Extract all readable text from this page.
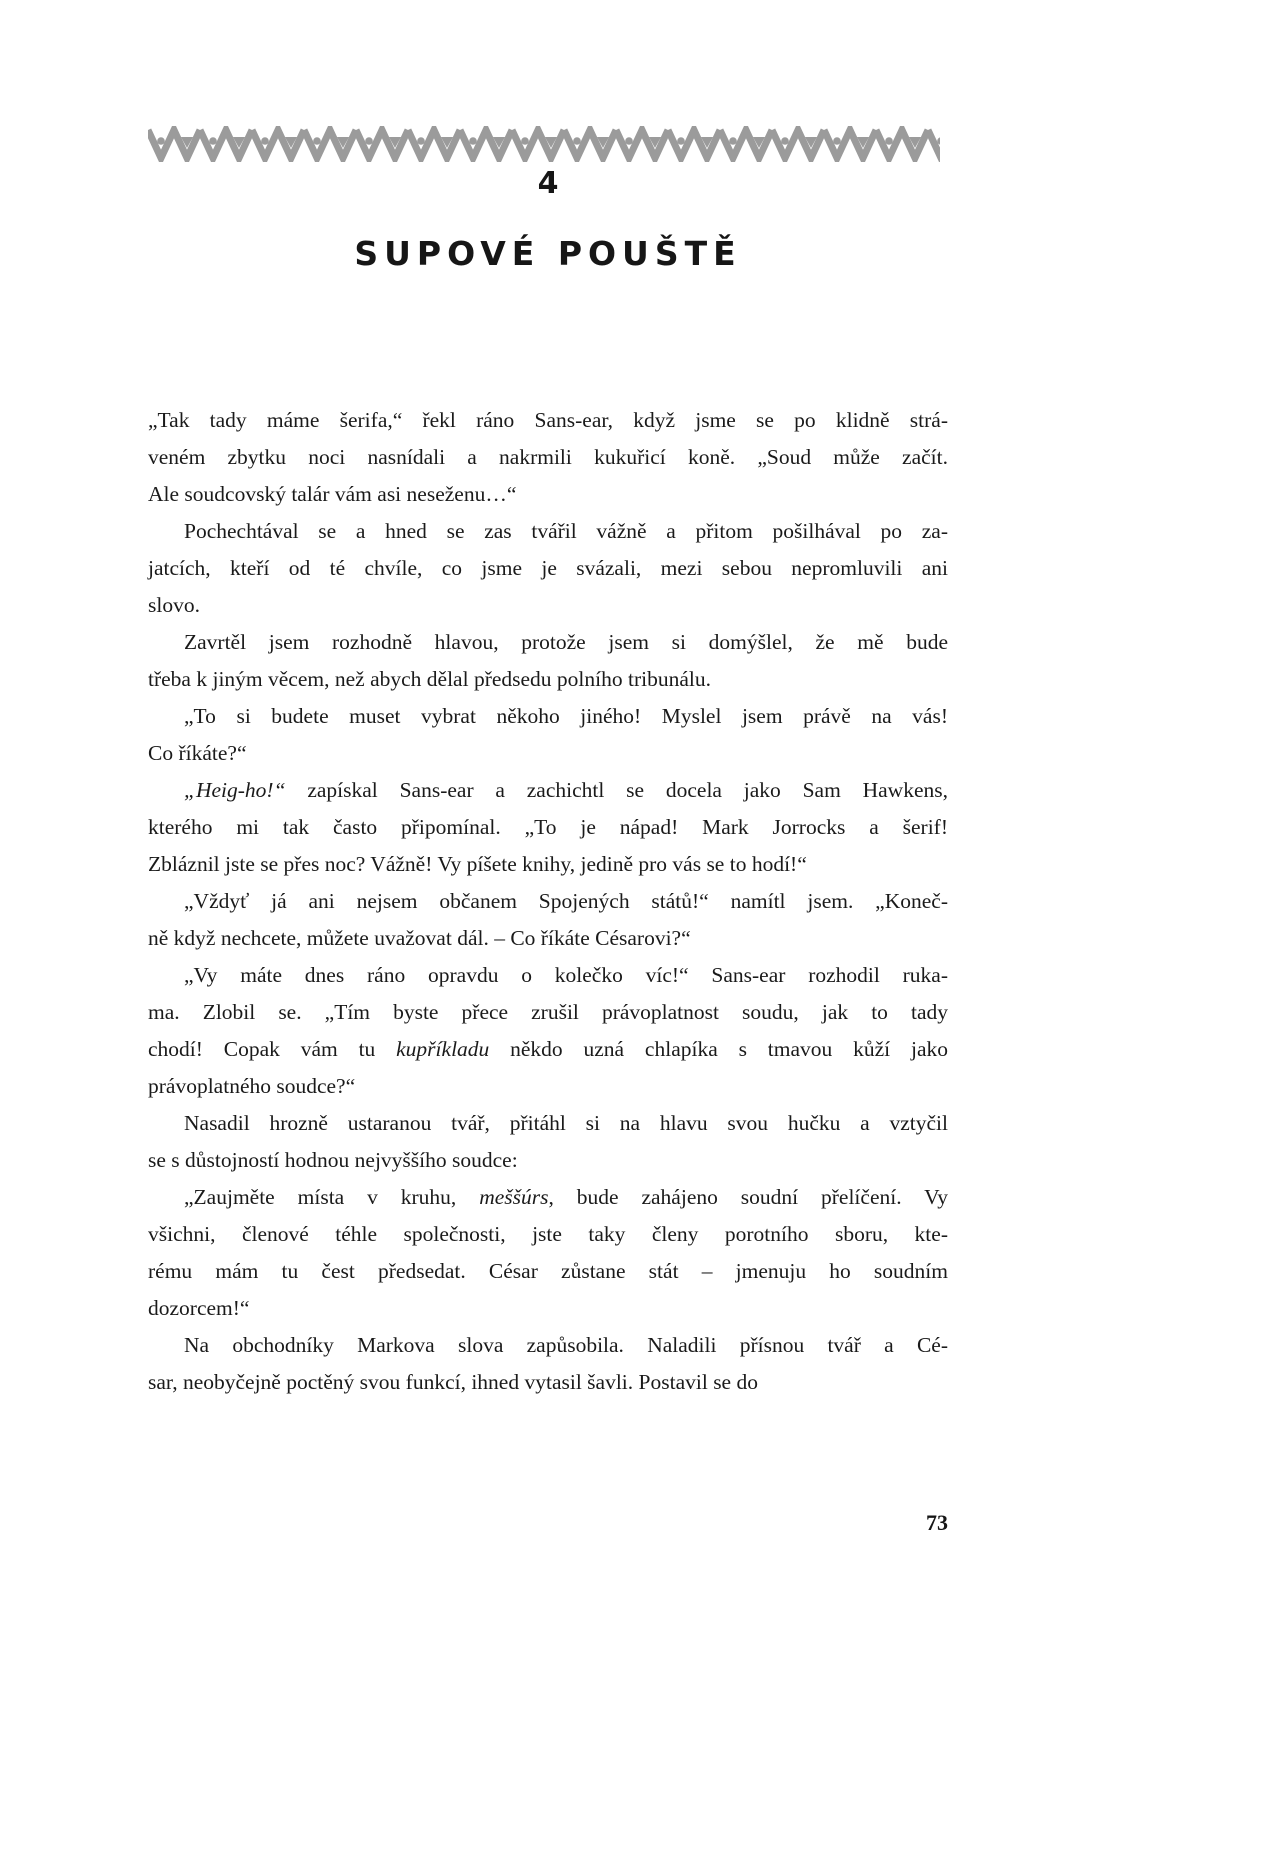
4
SUPOVÉ POUŠTĚ

„Tak tady máme šerifa,“ řekl ráno Sans-ear, když jsme se po klidně strá-
veném zbytku noci nasnídali a nakrmili kukuřicí koně. „Soud může začít.
Ale soudcovský talár vám asi neseženu…“

Pochechtával se a hned se zas tvářil vážně a přitom pošilhával po za-
jatcích, kteří od té chvíle, co jsme je svázali, mezi sebou nepromluvili ani
slovo.

Zavrtěl jsem rozhodně hlavou, protože jsem si domýšlel, že mě bude
třeba k jiným věcem, než abych dělal předsedu polního tribunálu.

„To si budete muset vybrat někoho jiného! Myslel jsem právě na vás!
Co říkáte?“

„Heig-ho!“ zapískal Sans-ear a zachichtl se docela jako Sam Hawkens,
kterého mi tak často připomínal. „To je nápad! Mark Jorrocks a šerif!
Zbláznil jste se přes noc? Vážně! Vy píšete knihy, jedině pro vás se to hodí!“

„Vždyť já ani nejsem občanem Spojených států!“ namítl jsem. „Koneč-
ně když nechcete, můžete uvažovat dál. – Co říkáte Césarovi?“

„Vy máte dnes ráno opravdu o kolečko víc!“ Sans-ear rozhodil ruka-
ma. Zlobil se. „Tím byste přece zrušil právoplatnost soudu, jak to tady
chodí! Copak vám tu kupříkladu někdo uzná chlapíka s tmavou kůží jako
právoplatného soudce?“

Nasadil hrozně ustaranou tvář, přitáhl si na hlavu svou hučku a vztyčil
se s důstojností hodnou nejvyššího soudce:

„Zaujměte místa v kruhu, meššúrs, bude zahájeno soudní přelíčení. Vy
všichni, členové téhle společnosti, jste taky členy porotního sboru, kte-
rému mám tu čest předsedat. César zůstane stát – jmenuju ho soudním
dozorcem!“

Na obchodníky Markova slova zapůsobila. Naladili přísnou tvář a Cé-
sar, neobyčejně poctěný svou funkcí, ihned vytasil šavli. Postavil se do

73
